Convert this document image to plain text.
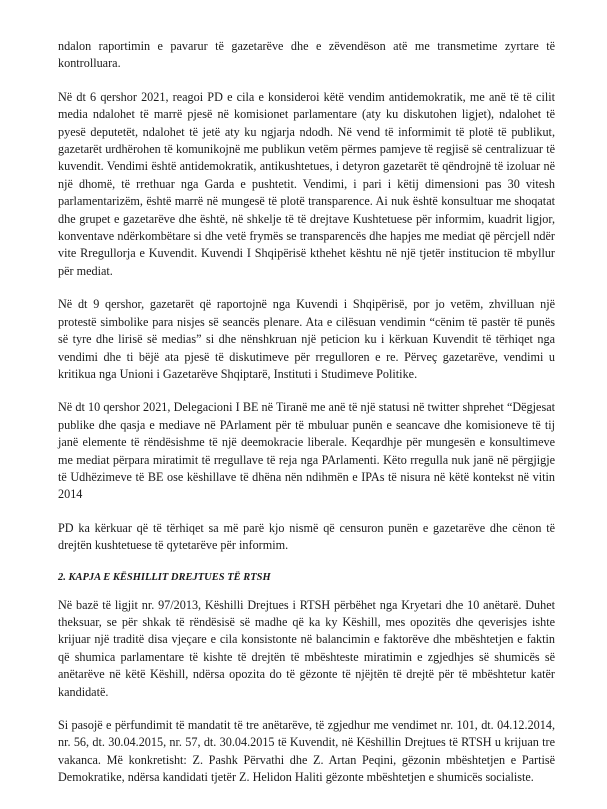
ndalon raportimin e pavarur të gazetarëve dhe e zëvendëson atë me transmetime zyrtare të kontrolluara.

Në dt 6 qershor 2021, reagoi PD e cila e konsideroi këtë vendim antidemokratik, me anë të të cilit media ndalohet të marrë pjesë në komisionet parlamentare (aty ku diskutohen ligjet), ndalohet të pyesë deputetët, ndalohet të jetë aty ku ngjarja ndodh. Në vend të informimit të plotë të publikut, gazetarët urdhërohen të komunikojnë me publikun vetëm përmes pamjeve të regjisë së centralizuar të kuvendit. Vendimi është antidemokratik, antikushtetues, i detyron gazetarët të qëndrojnë të izoluar në një dhomë, të rrethuar nga Garda e pushtetit. Vendimi, i pari i këtij dimensioni pas 30 vitesh parlamentarizëm, është marrë në mungesë të plotë transparence. Ai nuk është konsultuar me shoqatat dhe grupet e gazetarëve dhe është, në shkelje të të drejtave Kushtetuese për informim, kuadrit ligjor, konventave ndërkombëtare si dhe vetë frymës se transparencës dhe hapjes me mediat që përcjell ndër vite Rregullorja e Kuvendit. Kuvendi I Shqipërisë kthehet kështu në një tjetër institucion të mbyllur për mediat.

Në dt 9 qershor, gazetarët që raportojnë nga Kuvendi i Shqipërisë, por jo vetëm, zhvilluan një protestë simbolike para nisjes së seancës plenare. Ata e cilësuan vendimin “cënim të pastër të punës së tyre dhe lirisë së medias” si dhe nënshkruan një peticion ku i kërkuan Kuvendit të tërhiqet nga vendimi dhe ti bëjë ata pjesë të diskutimeve për rregulloren e re. Përveç gazetarëve, vendimi u kritikua nga Unioni i Gazetarëve Shqiptarë, Instituti i Studimeve Politike.

Në dt 10 qershor 2021, Delegacioni I BE në Tiranë me anë të një statusi në twitter shprehet “Dëgjesat publike dhe qasja e mediave në PArlament për të mbuluar punën e seancave dhe komisioneve të tij janë elemente të rëndësishme të një deemokracie liberale. Keqardhje për mungesën e konsultimeve me mediat përpara miratimit të rregullave të reja nga PArlamenti. Këto rregulla nuk janë në përgjigje të Udhëzimeve të BE ose këshillave të dhëna nën ndihmën e IPAs të nisura në këtë kontekst në vitin 2014

PD ka kërkuar që të tërhiqet sa më parë kjo nismë që censuron punën e gazetarëve dhe cënon të drejtën kushtetuese të qytetarëve për informim.

2. KAPJA E KËSHILLIT DREJTUES TË RTSH

Në bazë të ligjit nr. 97/2013, Këshilli Drejtues i RTSH përbëhet nga Kryetari dhe 10 anëtarë. Duhet theksuar, se për shkak të rëndësisë së madhe që ka ky Këshill, mes opozitës dhe qeverisjes ishte krijuar një traditë disa vjeçare e cila konsistonte në balancimin e faktorëve dhe mbështetjen e faktin që shumica parlamentare të kishte të drejtën të mbështeste miratimin e zgjedhjes së shumicës së anëtarëve në këtë Këshill, ndërsa opozita do të gëzonte të njëjtën të drejtë për të mbështetur katër kandidatë.

Si pasojë e përfundimit të mandatit të tre anëtarëve, të zgjedhur me vendimet nr. 101, dt. 04.12.2014, nr. 56, dt. 30.04.2015, nr. 57, dt. 30.04.2015 të Kuvendit, në Këshillin Drejtues të RTSH u krijuan tre vakanca. Më konkretisht: Z. Pashk Përvathi dhe Z. Artan Peqini, gëzonin mbështetjen e Partisë Demokratike, ndërsa kandidati tjetër Z. Helidon Haliti gëzonte mbështetjen e shumicës socialiste.
